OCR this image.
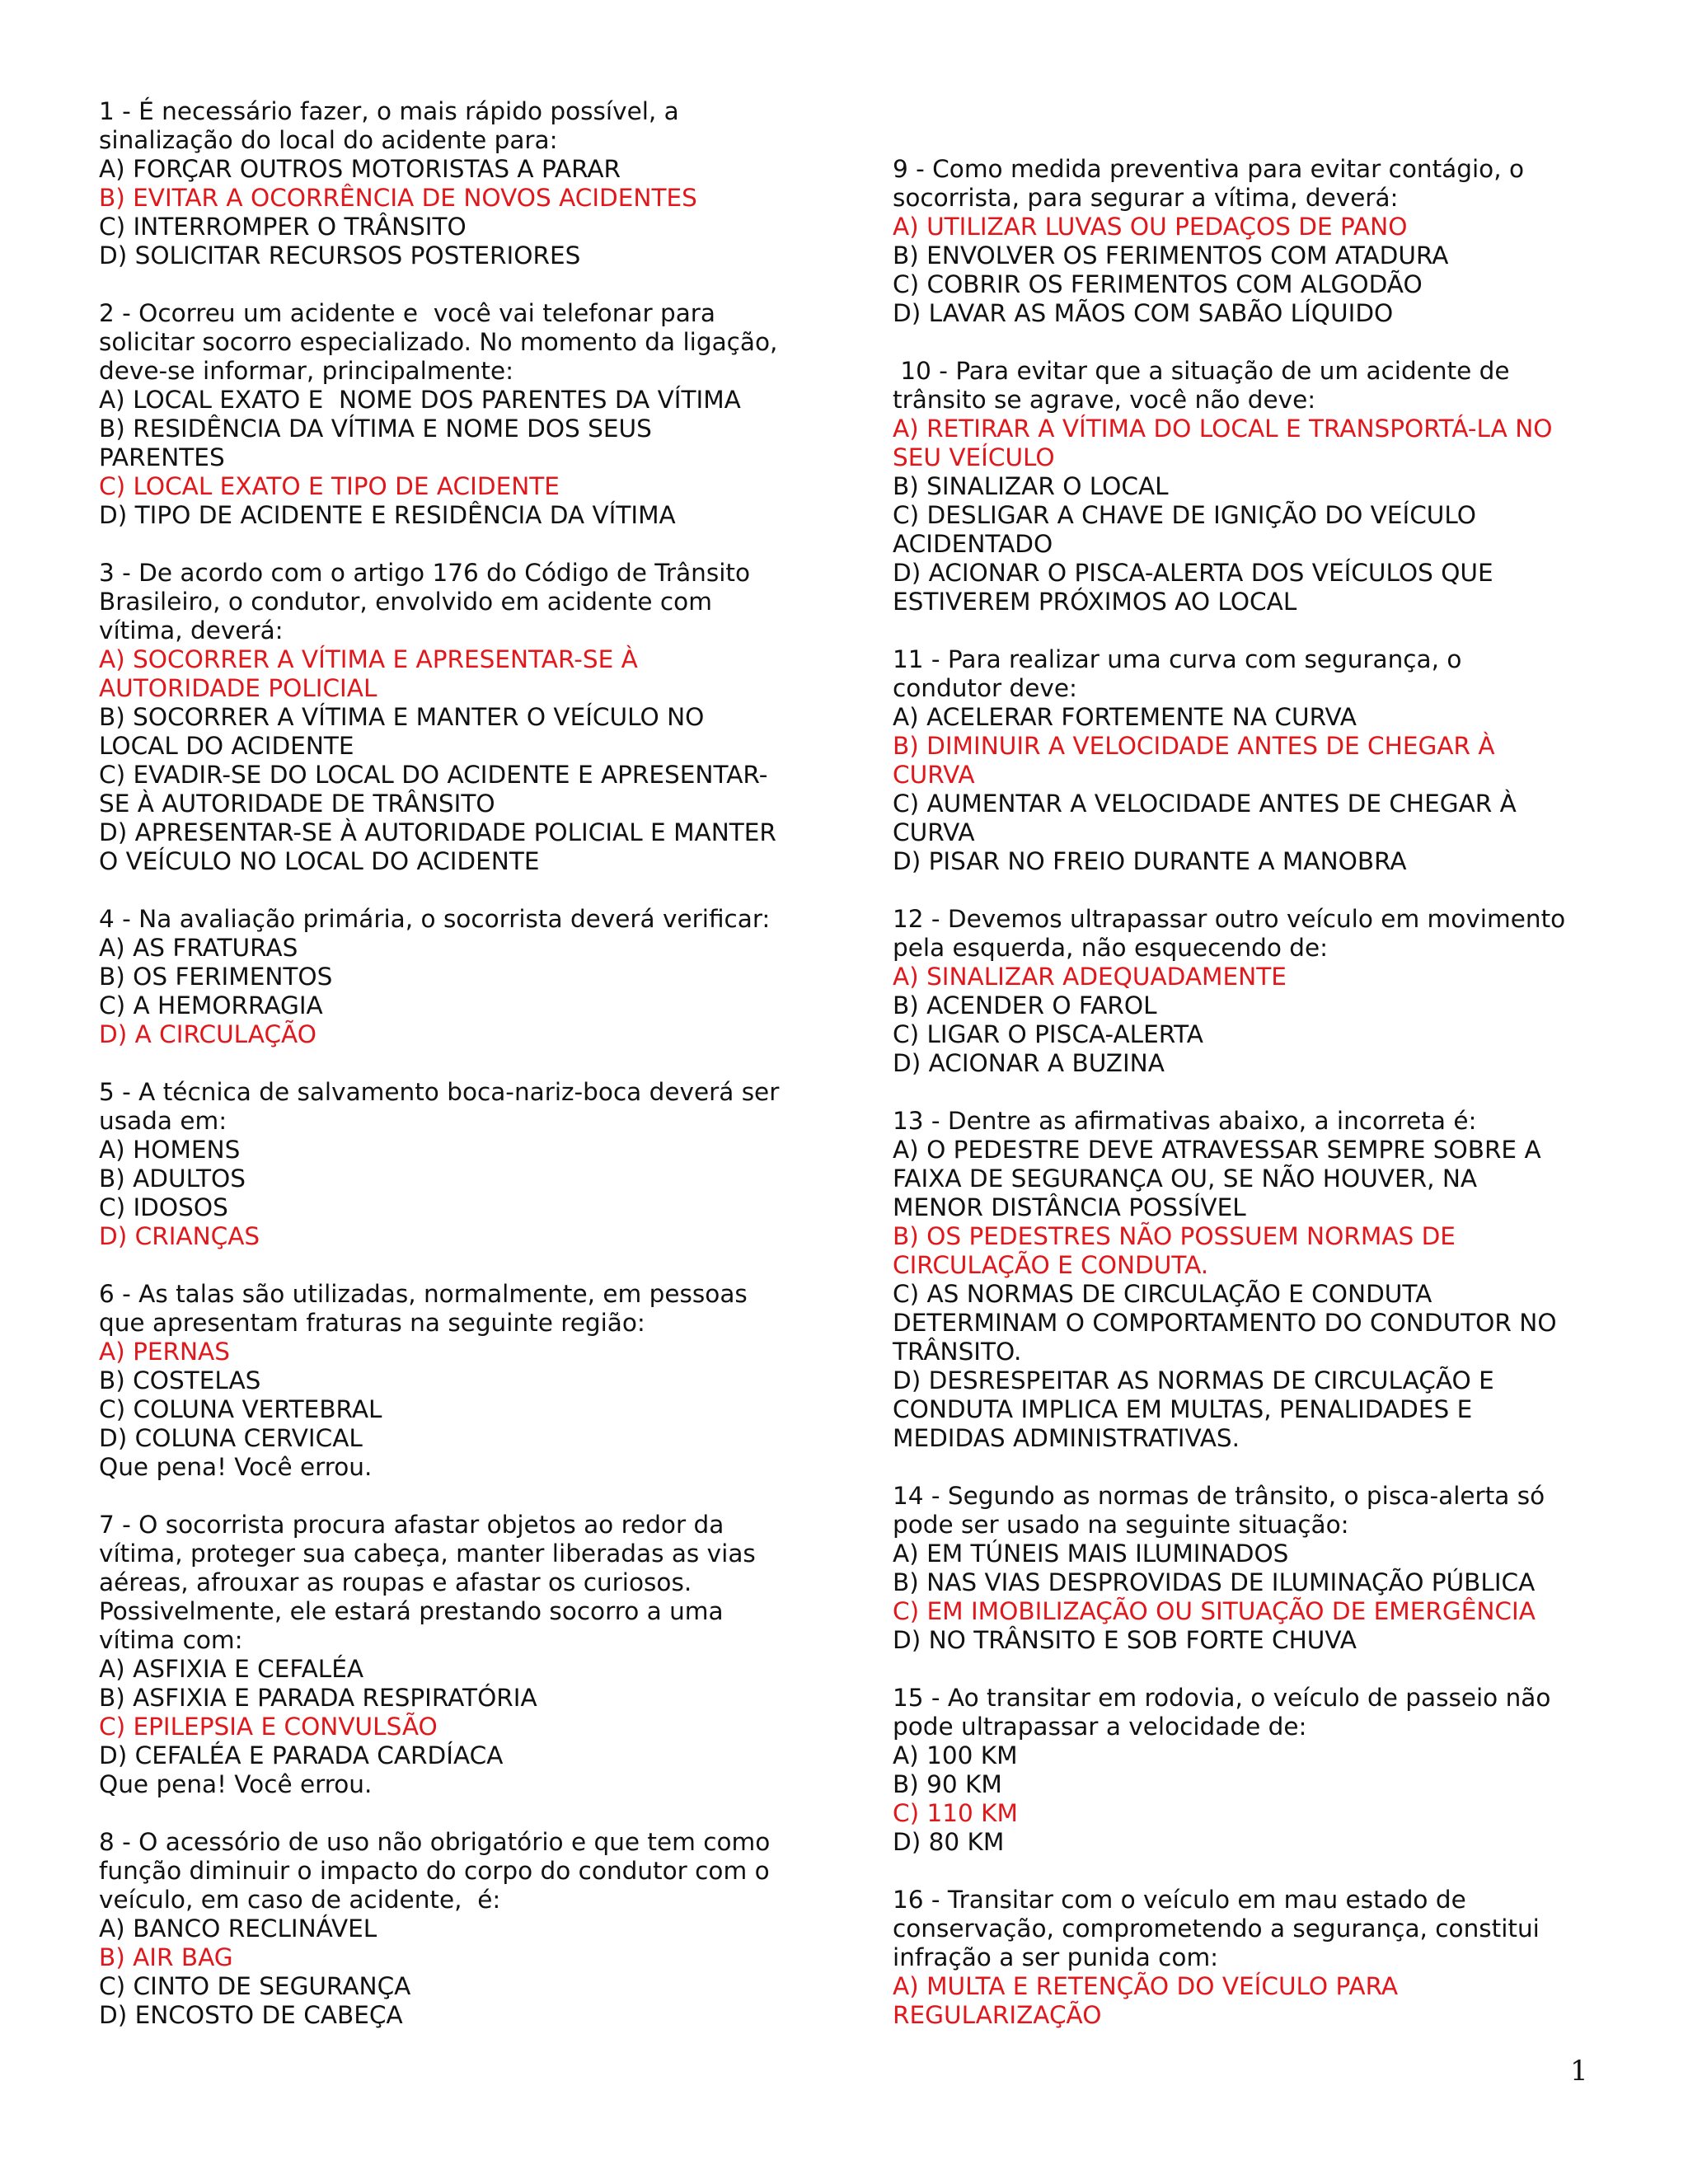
1 - É necessário fazer, o mais rápido possível, a
sinalização do local do acidente para:
A) FORÇAR OUTROS MOTORISTAS A PARAR
B) EVITAR A OCORRÊNCIA DE NOVOS ACIDENTES
C) INTERROMPER O TRÂNSITO
D) SOLICITAR RECURSOS POSTERIORES
2 - Ocorreu um acidente e  você vai telefonar para
solicitar socorro especializado. No momento da ligação,
deve-se informar, principalmente:
A) LOCAL EXATO E  NOME DOS PARENTES DA VÍTIMA
B) RESIDÊNCIA DA VÍTIMA E NOME DOS SEUS
PARENTES
C) LOCAL EXATO E TIPO DE ACIDENTE
D) TIPO DE ACIDENTE E RESIDÊNCIA DA VÍTIMA
3 - De acordo com o artigo 176 do Código de Trânsito
Brasileiro, o condutor, envolvido em acidente com
vítima, deverá:
A) SOCORRER A VÍTIMA E APRESENTAR-SE À
AUTORIDADE POLICIAL
B) SOCORRER A VÍTIMA E MANTER O VEÍCULO NO
LOCAL DO ACIDENTE
C) EVADIR-SE DO LOCAL DO ACIDENTE E APRESENTAR-
SE À AUTORIDADE DE TRÂNSITO
D) APRESENTAR-SE À AUTORIDADE POLICIAL E MANTER
O VEÍCULO NO LOCAL DO ACIDENTE
4 - Na avaliação primária, o socorrista deverá verificar:
A) AS FRATURAS
B) OS FERIMENTOS
C) A HEMORRAGIA
D) A CIRCULAÇÃO
5 - A técnica de salvamento boca-nariz-boca deverá ser
usada em:
A) HOMENS
B) ADULTOS
C) IDOSOS
D) CRIANÇAS
6 - As talas são utilizadas, normalmente, em pessoas
que apresentam fraturas na seguinte região:
A) PERNAS
B) COSTELAS
C) COLUNA VERTEBRAL
D) COLUNA CERVICAL
Que pena! Você errou.
7 - O socorrista procura afastar objetos ao redor da
vítima, proteger sua cabeça, manter liberadas as vias
aéreas, afrouxar as roupas e afastar os curiosos.
Possivelmente, ele estará prestando socorro a uma
vítima com:
A) ASFIXIA E CEFALÉA
B) ASFIXIA E PARADA RESPIRATÓRIA
C) EPILEPSIA E CONVULSÃO
D) CEFALÉA E PARADA CARDÍACA
Que pena! Você errou.
8 - O acessório de uso não obrigatório e que tem como
função diminuir o impacto do corpo do condutor com o
veículo, em caso de acidente,  é:
A) BANCO RECLINÁVEL
B) AIR BAG
C) CINTO DE SEGURANÇA
D) ENCOSTO DE CABEÇA
9 - Como medida preventiva para evitar contágio, o
socorrista, para segurar a vítima, deverá:
A) UTILIZAR LUVAS OU PEDAÇOS DE PANO
B) ENVOLVER OS FERIMENTOS COM ATADURA
C) COBRIR OS FERIMENTOS COM ALGODÃO
D) LAVAR AS MÃOS COM SABÃO LÍQUIDO
10 - Para evitar que a situação de um acidente de
trânsito se agrave, você não deve:
A) RETIRAR A VÍTIMA DO LOCAL E TRANSPORTÁ-LA NO
SEU VEÍCULO
B) SINALIZAR O LOCAL
C) DESLIGAR A CHAVE DE IGNIÇÃO DO VEÍCULO
ACIDENTADO
D) ACIONAR O PISCA-ALERTA DOS VEÍCULOS QUE
ESTIVEREM PRÓXIMOS AO LOCAL
11 - Para realizar uma curva com segurança, o
condutor deve:
A) ACELERAR FORTEMENTE NA CURVA
B) DIMINUIR A VELOCIDADE ANTES DE CHEGAR À
CURVA
C) AUMENTAR A VELOCIDADE ANTES DE CHEGAR À
CURVA
D) PISAR NO FREIO DURANTE A MANOBRA
12 - Devemos ultrapassar outro veículo em movimento
pela esquerda, não esquecendo de:
A) SINALIZAR ADEQUADAMENTE
B) ACENDER O FAROL
C) LIGAR O PISCA-ALERTA
D) ACIONAR A BUZINA
13 - Dentre as afirmativas abaixo, a incorreta é:
A) O PEDESTRE DEVE ATRAVESSAR SEMPRE SOBRE A
FAIXA DE SEGURANÇA OU, SE NÃO HOUVER, NA
MENOR DISTÂNCIA POSSÍVEL
B) OS PEDESTRES NÃO POSSUEM NORMAS DE
CIRCULAÇÃO E CONDUTA.
C) AS NORMAS DE CIRCULAÇÃO E CONDUTA
DETERMINAM O COMPORTAMENTO DO CONDUTOR NO
TRÂNSITO.
D) DESRESPEITAR AS NORMAS DE CIRCULAÇÃO E
CONDUTA IMPLICA EM MULTAS, PENALIDADES E
MEDIDAS ADMINISTRATIVAS.
14 - Segundo as normas de trânsito, o pisca-alerta só
pode ser usado na seguinte situação:
A) EM TÚNEIS MAIS ILUMINADOS
B) NAS VIAS DESPROVIDAS DE ILUMINAÇÃO PÚBLICA
C) EM IMOBILIZAÇÃO OU SITUAÇÃO DE EMERGÊNCIA
D) NO TRÂNSITO E SOB FORTE CHUVA
15 - Ao transitar em rodovia, o veículo de passeio não
pode ultrapassar a velocidade de:
A) 100 KM
B) 90 KM
C) 110 KM
D) 80 KM
16 - Transitar com o veículo em mau estado de
conservação, comprometendo a segurança, constitui
infração a ser punida com:
A) MULTA E RETENÇÃO DO VEÍCULO PARA
REGULARIZAÇÃO
1
